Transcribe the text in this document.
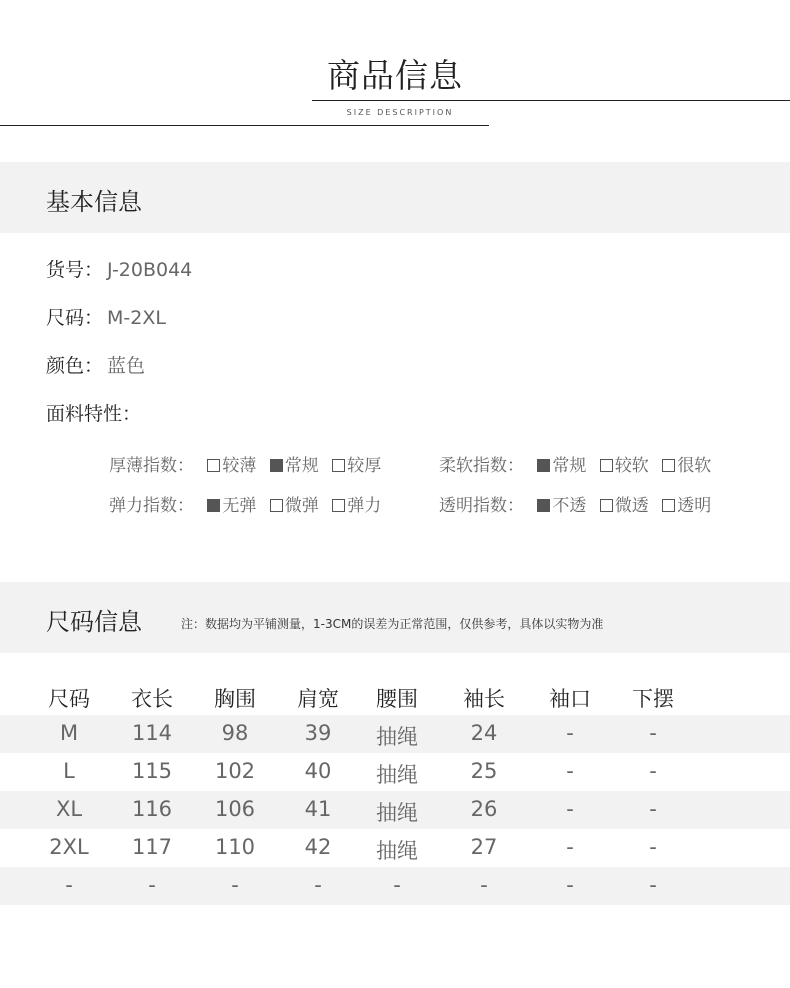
商品信息
SIZE DESCRIPTION
基本信息
货号： J-20B044
尺码： M-2XL
颜色： 蓝色
面料特性：
厚薄指数： 较薄 常规 较厚	柔软指数： 常规 较软 很软
弹力指数： 无弹 微弹 弹力	透明指数： 不透 微透 透明
尺码信息	注：数据均为平铺测量，1-3CM的误差为正常范围，仅供参考，具体以实物为准
尺码	衣长	胸围	肩宽	腰围	袖长	袖口	下摆
M	114	98	39	抽绳	24	-	-
L	115	102	40	抽绳	25	-	-
XL	116	106	41	抽绳	26	-	-
2XL	117	110	42	抽绳	27	-	-
-	-	-	-	-	-	-	-
